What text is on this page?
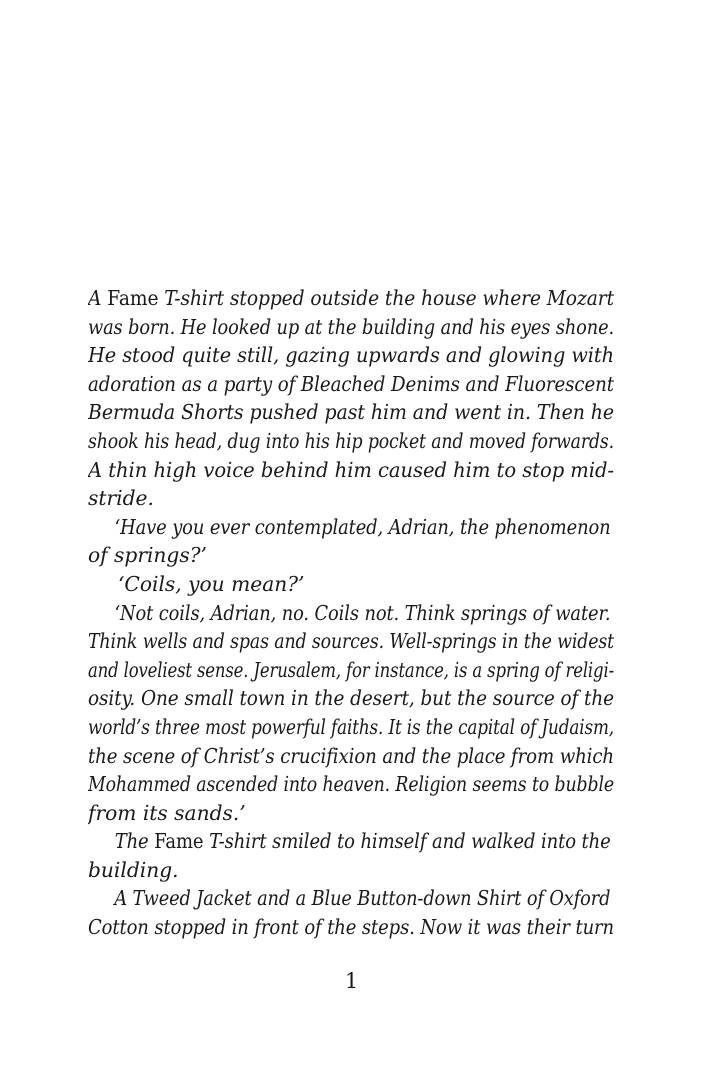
A Fame T-shirt stopped outside the house where Mozart
was born. He looked up at the building and his eyes shone.
He stood quite still, gazing upwards and glowing with
adoration as a party of Bleached Denims and Fluorescent
Bermuda Shorts pushed past him and went in. Then he
shook his head, dug into his hip pocket and moved forwards.
A thin high voice behind him caused him to stop mid-
stride.
‘Have you ever contemplated, Adrian, the phenomenon
of springs?’
‘Coils, you mean?’
‘Not coils, Adrian, no. Coils not. Think springs of water.
Think wells and spas and sources. Well-springs in the widest
and loveliest sense. Jerusalem, for instance, is a spring of religi-
osity. One small town in the desert, but the source of the
world’s three most powerful faiths. It is the capital of Judaism,
the scene of Christ’s crucifixion and the place from which
Mohammed ascended into heaven. Religion seems to bubble
from its sands.’
The Fame T-shirt smiled to himself and walked into the
building.
A Tweed Jacket and a Blue Button-down Shirt of Oxford
Cotton stopped in front of the steps. Now it was their turn
1
